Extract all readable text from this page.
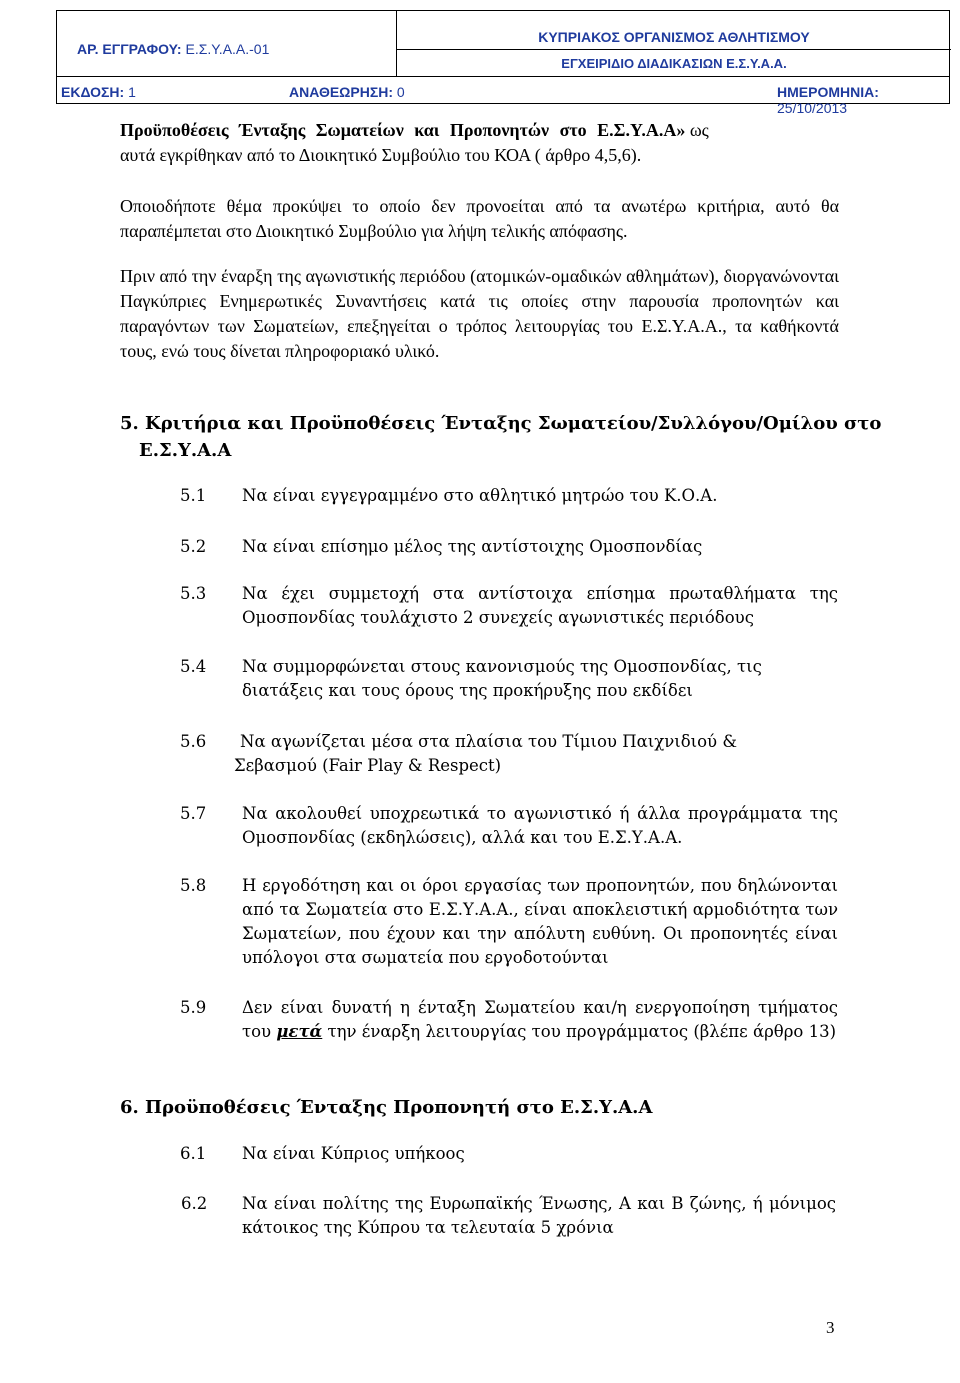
ΑΡ. ΕΓΓΡΑΦΟΥ: Ε.Σ.Υ.Α.Α.-01
ΚΥΠΡΙΑΚΟΣ ΟΡΓΑΝΙΣΜΟΣ ΑΘΛΗΤΙΣΜΟΥ
ΕΓΧΕΙΡΙΔΙΟ ΔΙΑΔΙΚΑΣΙΩΝ Ε.Σ.Υ.Α.Α.
ΕΚΔΟΣΗ: 1	ΑΝΑΘΕΩΡΗΣΗ: 0	ΗΜΕΡΟΜΗΝΙΑ: 25/10/2013
Προϋποθέσεις Ένταξης Σωματείων και Προπονητών στο Ε.Σ.Υ.Α.Α» ως
αυτά εγκρίθηκαν από το Διοικητικό Συμβούλιο του ΚΟΑ ( άρθρο 4,5,6).
Οποιοδήποτε θέμα προκύψει το οποίο δεν προνοείται από τα ανωτέρω κριτήρια, αυτό θα παραπέμπεται στο Διοικητικό Συμβούλιο για λήψη τελικής απόφασης.
Πριν από την έναρξη της αγωνιστικής περιόδου (ατομικών-ομαδικών αθλημάτων), διοργανώνονται Παγκύπριες Ενημερωτικές Συναντήσεις κατά τις οποίες στην παρουσία προπονητών και παραγόντων των Σωματείων, επεξηγείται ο τρόπος λειτουργίας του Ε.Σ.Υ.Α.Α., τα καθήκοντά τους, ενώ τους δίνεται πληροφοριακό υλικό.
5. Κριτήρια και Προϋποθέσεις Ένταξης Σωματείου/Συλλόγου/Ομίλου στο
Ε.Σ.Υ.Α.Α
5.1 Να είναι εγγεγραμμένο στο αθλητικό μητρώο του Κ.Ο.Α.
5.2 Να είναι επίσημο μέλος της αντίστοιχης Ομοσπονδίας
5.3 Να έχει συμμετοχή στα αντίστοιχα επίσημα πρωταθλήματα της Ομοσπονδίας τουλάχιστο 2 συνεχείς αγωνιστικές περιόδους
5.4 Να συμμορφώνεται στους κανονισμούς της Ομοσπονδίας, τις
διατάξεις και τους όρους της προκήρυξης που εκδίδει
5.6 Να αγωνίζεται μέσα στα πλαίσια του Τίμιου Παιχνιδιού &
Σεβασμού (Fair Play & Respect)
5.7 Να ακολουθεί υποχρεωτικά το αγωνιστικό ή άλλα προγράμματα της Ομοσπονδίας (εκδηλώσεις), αλλά και του Ε.Σ.Υ.Α.Α.
5.8 Η εργοδότηση και οι όροι εργασίας των προπονητών, που δηλώνονται από τα Σωματεία στο Ε.Σ.Υ.Α.Α., είναι αποκλειστική αρμοδιότητα των Σωματείων, που έχουν και την απόλυτη ευθύνη. Οι προπονητές είναι υπόλογοι στα σωματεία που εργοδοτούνται
5.9 Δεν είναι δυνατή η ένταξη Σωματείου και/η ενεργοποίηση τμήματος του μετά την έναρξη λειτουργίας του προγράμματος (βλέπε άρθρο 13)
6. Προϋποθέσεις Ένταξης Προπονητή στο Ε.Σ.Υ.Α.Α
6.1 Να είναι Κύπριος υπήκοος
6.2 Να είναι πολίτης της Ευρωπαϊκής Ένωσης, Α και Β ζώνης, ή μόνιμος κάτοικος της Κύπρου τα τελευταία 5 χρόνια
3
